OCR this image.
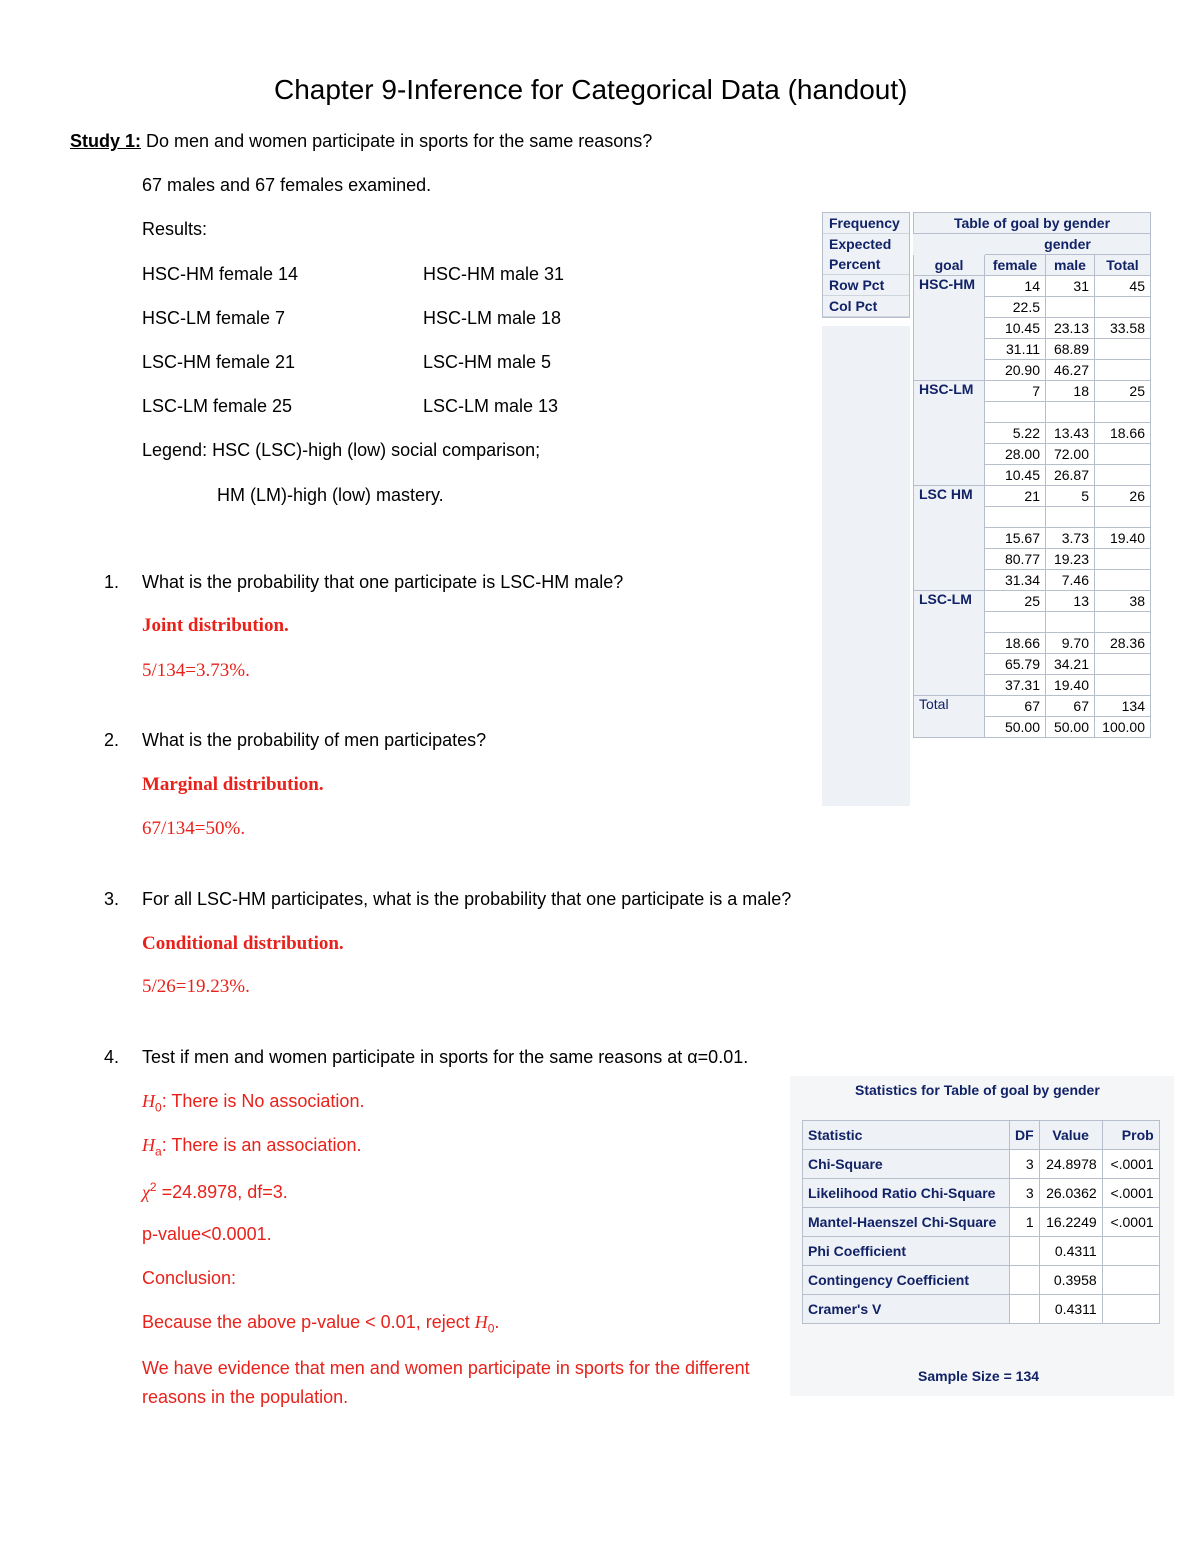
Chapter 9-Inference for Categorical Data (handout)
Study 1: Do men and women participate in sports for the same reasons?
67 males and 67 females examined.
Results:
HSC-HM female 14	HSC-HM male 31
HSC-LM female 7	HSC-LM male 18
LSC-HM female 21	LSC-HM male 5
LSC-LM female 25	LSC-LM male 13
Legend: HSC (LSC)-high (low) social comparison;
HM (LM)-high (low) mastery.
1. What is the probability that one participate is LSC-HM male?
Joint distribution.
5/134=3.73%.
2. What is the probability of men participates?
Marginal distribution.
67/134=50%.
3. For all LSC-HM participates, what is the probability that one participate is a male?
Conditional distribution.
5/26=19.23%.
4. Test if men and women participate in sports for the same reasons at α=0.01.
$H_0$: There is No association.
$H_a$: There is an association.
$\chi^2 =24.8978$, df=3.
p-value<0.0001.
Conclusion:
Because the above p-value < 0.01, reject $H_0$.
We have evidence that men and women participate in sports for the different reasons in the population.
Frequency
Expected
Percent
Row Pct
Col Pct
Table of goal by gender			
	gender		
goal	female	male	Total
HSC-HM	14	31	45
	22.5		
	10.45	23.13	33.58
	31.11	68.89	
	20.90	46.27	
HSC-LM	7	18	25

	5.22	13.43	18.66
	28.00	72.00	
	10.45	26.87	
LSC HM	21	5	26

	15.67	3.73	19.40
	80.77	19.23	
	31.34	7.46	
LSC-LM	25	13	38

	18.66	9.70	28.36
	65.79	34.21	
	37.31	19.40	
Total	67	67	134
	50.00	50.00	100.00
Statistics for Table of goal by gender
Statistic	DF	Value	Prob
Chi-Square	3	24.8978	<.0001
Likelihood Ratio Chi-Square	3	26.0362	<.0001
Mantel-Haenszel Chi-Square	1	16.2249	<.0001
Phi Coefficient		0.4311	
Contingency Coefficient		0.3958	
Cramer's V		0.4311	
Sample Size = 134
